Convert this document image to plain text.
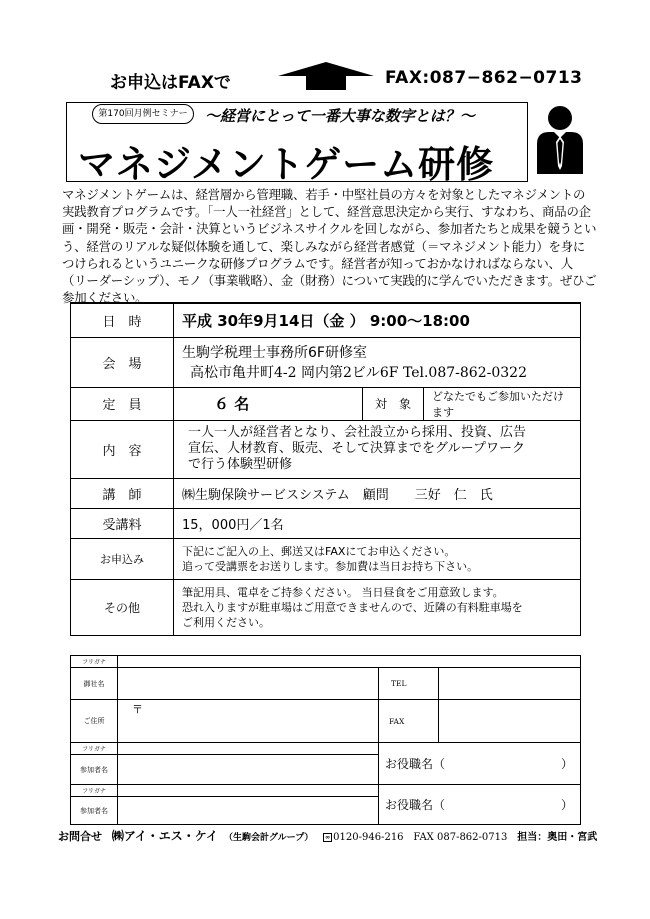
お申込はFAXで	FAX:087−862−0713
第170回月例セミナー	〜経営にとって一番大事な数字とは？〜
マネジメントゲーム研修
マネジメントゲームは、経営層から管理職、若手・中堅社員の方々を対象としたマネジメントの実践教育プログラムです。「一人一社経営」として、経営意思決定から実行、すなわち、商品の企画・開発・販売・会計・決算というビジネスサイクルを回しながら、参加者たちと成果を競うという、経営のリアルな疑似体験を通して、楽しみながら経営者感覚（＝マネジメント能力）を身につけられるというユニークな研修プログラムです。経営者が知っておかなければならない、人（リーダーシップ）、モノ（事業戦略）、金（財務）について実践的に学んでいただきます。ぜひご参加ください。
日　時	平成 30年9月14日（金 ） 9:00〜18:00		
会　場	生駒学税理士事務所6F研修室
高松市亀井町4-2 岡内第2ビル6F Tel.087-862-0322		

定　員	６ 名	対　象	どなたでもご参加いただけます
内　容	一人一人が経営者となり、会社設立から採用、投資、広告
宣伝、人材教育、販売、そして決算までをグループワーク
で行う体験型研修		

講　師	㈱生駒保険サービスシステム　顧問　　三好　仁　氏		
受講料	15，000円／1名		
お申込み	下記にご記入の上、郵送又はFAXにてお申込ください。
追って受講票をお送りします。参加費は当日お持ち下さい。		

その他	筆記用具、電卓をご持参ください。 当日昼食をご用意致します。
恐れ入りますが駐車場はご用意できませんので、近隣の有料駐車場を
ご利用ください。		
フリガナ			
御社名		TEL	
ご住所	〒	FAX	
フリガナ		お役職名（ ）	

参加者名			
フリガナ		お役職名（ ）	

参加者名			
お問合せ ㈱アイ・エス・ケイ （生駒会計グループ） ∞ 0120-946-216 FAX 087-862-0713 担当：奥田・宮武
